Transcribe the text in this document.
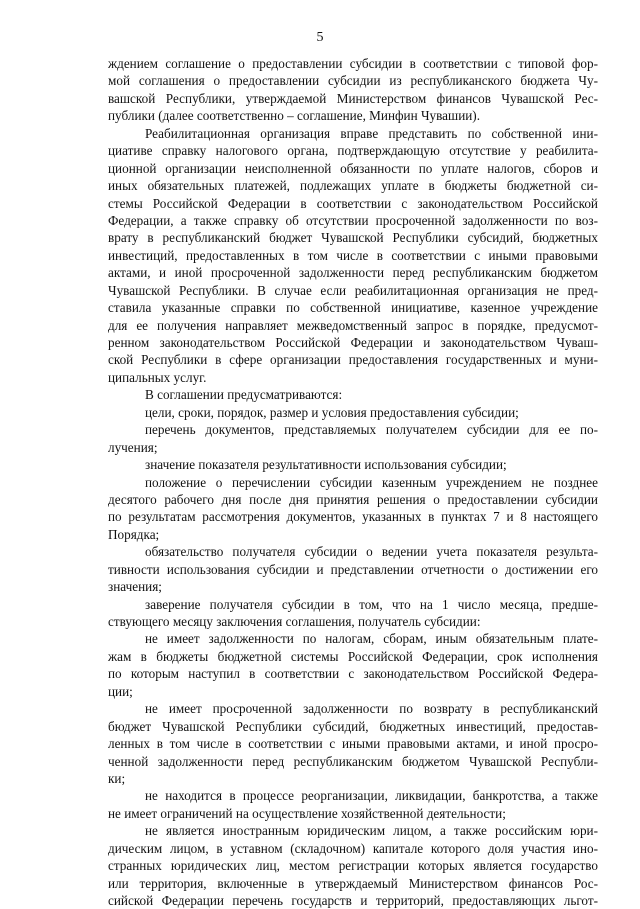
5
ждением соглашение о предоставлении субсидии в соответствии с типовой фор-
мой соглашения о предоставлении субсидии из республиканского бюджета Чу-
вашской Республики, утверждаемой Министерством финансов Чувашской Рес-
публики (далее соответственно – соглашение, Минфин Чувашии).
Реабилитационная организация вправе представить по собственной ини-
циативе справку налогового органа, подтверждающую отсутствие у реабилита-
ционной организации неисполненной обязанности по уплате налогов, сборов и
иных обязательных платежей, подлежащих уплате в бюджеты бюджетной си-
стемы Российской Федерации в соответствии с законодательством Российской
Федерации, а также справку об отсутствии просроченной задолженности по воз-
врату в республиканский бюджет Чувашской Республики субсидий, бюджетных
инвестиций, предоставленных в том числе в соответствии с иными правовыми
актами, и иной просроченной задолженности перед республиканским бюджетом
Чувашской Республики. В случае если реабилитационная организация не пред-
ставила указанные справки по собственной инициативе, казенное учреждение
для ее получения направляет межведомственный запрос в порядке, предусмот-
ренном законодательством Российской Федерации и законодательством Чуваш-
ской Республики в сфере организации предоставления государственных и муни-
ципальных услуг.
В соглашении предусматриваются:
цели, сроки, порядок, размер и условия предоставления субсидии;
перечень документов, представляемых получателем субсидии для ее по-
лучения;
значение показателя результативности использования субсидии;
положение о перечислении субсидии казенным учреждением не позднее
десятого рабочего дня после дня принятия решения о предоставлении субсидии
по результатам рассмотрения документов, указанных в пунктах 7 и 8 настоящего
Порядка;
обязательство получателя субсидии о ведении учета показателя результа-
тивности использования субсидии и представлении отчетности о достижении его
значения;
заверение получателя субсидии в том, что на 1 число месяца, предше-
ствующего месяцу заключения соглашения, получатель субсидии:
не имеет задолженности по налогам, сборам, иным обязательным плате-
жам в бюджеты бюджетной системы Российской Федерации, срок исполнения
по которым наступил в соответствии с законодательством Российской Федера-
ции;
не имеет просроченной задолженности по возврату в республиканский
бюджет Чувашской Республики субсидий, бюджетных инвестиций, предостав-
ленных в том числе в соответствии с иными правовыми актами, и иной просро-
ченной задолженности перед республиканским бюджетом Чувашской Республи-
ки;
не находится в процессе реорганизации, ликвидации, банкротства, а также
не имеет ограничений на осуществление хозяйственной деятельности;
не является иностранным юридическим лицом, а также российским юри-
дическим лицом, в уставном (складочном) капитале которого доля участия ино-
странных юридических лиц, местом регистрации которых является государство
или территория, включенные в утверждаемый Министерством финансов Рос-
сийской Федерации перечень государств и территорий, предоставляющих льгот-
